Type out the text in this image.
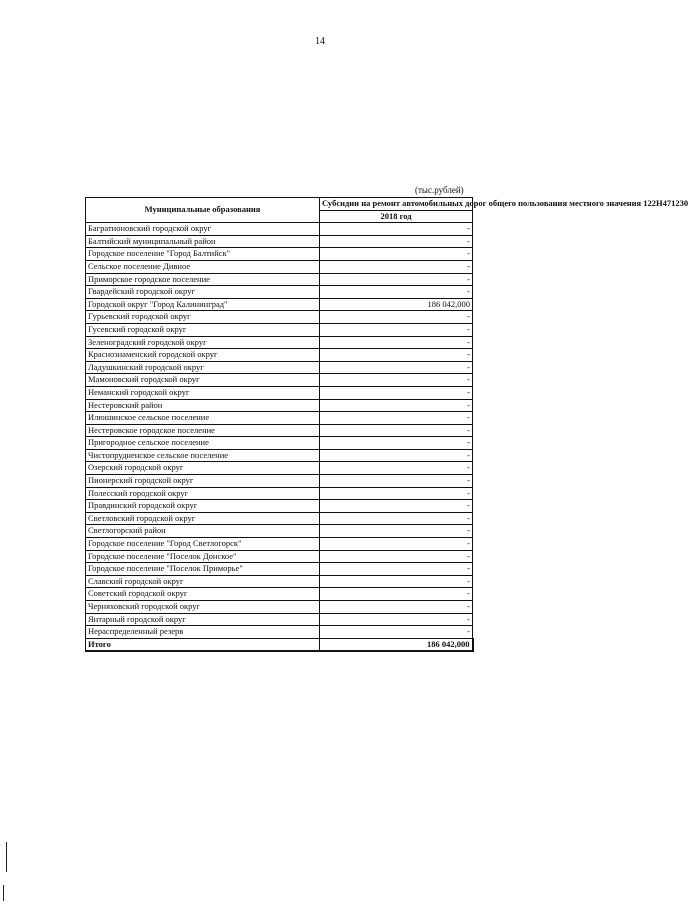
14
(тыс.рублей)
Муниципальные образования	Субсидии на ремонт автомобильных дорог общего пользования местного значения 122Н471230
	2018 год
Багратионовский городской округ	-
Балтийский муниципальный район	-
Городское поселение "Город Балтийск"	-
Сельское поселение Дивное	-
Приморское городское поселение	-
Гвардейский городской округ	-
Городской округ "Город Калининград"	186 042,000
Гурьевский городской округ	-
Гусевский городской округ	-
Зеленоградский городской округ	-
Краснознаменский городской округ	-
Ладушкинский городской округ	-
Мамоновский городской округ	-
Неманский городской округ	-
Нестеровский район	-
Илюшинское сельское поселение	-
Нестеровское городское поселение	-
Пригородное сельское поселение	-
Чистопрудненское сельское поселение	-
Озерский городской округ	-
Пионерский городской округ	-
Полесский городской округ	-
Правдинский городской округ	-
Светловский городской округ	-
Светлогорский район	-
Городское поселение "Город Светлогорск"	-
Городское поселение "Поселок Донское"	-
Городское поселение "Поселок Приморье"	-
Славский городской округ	-
Советский городской округ	-
Черняховский городской округ	-
Янтарный городской округ	-
Нераспределенный резерв	-
Итого	186 042,000
